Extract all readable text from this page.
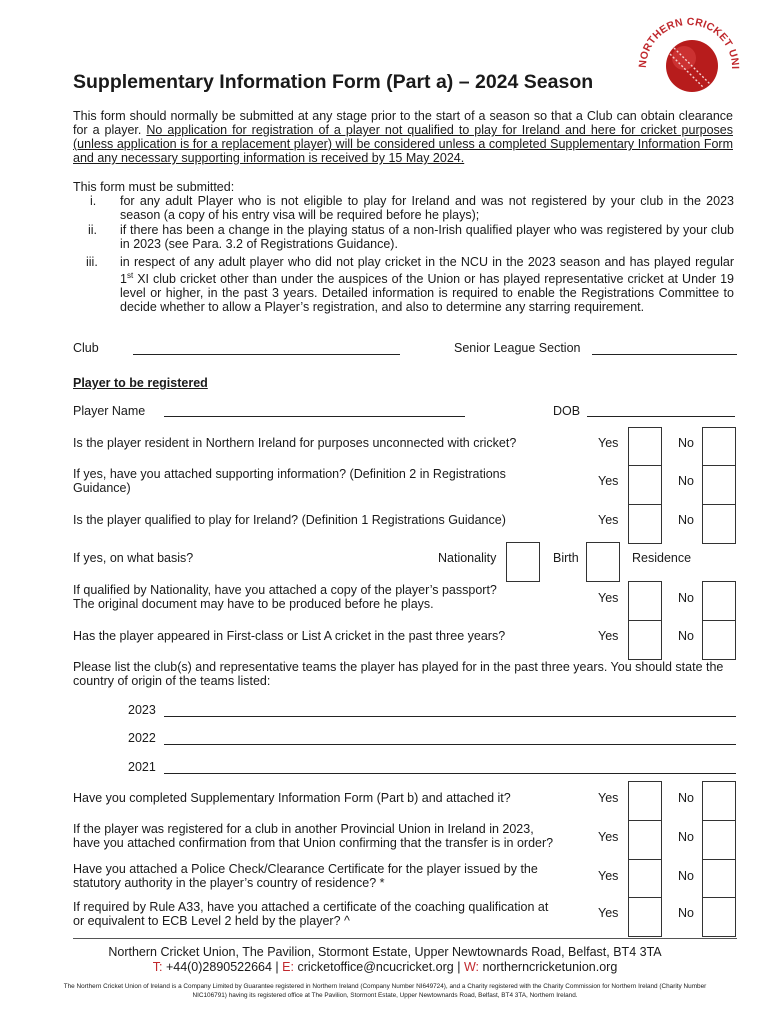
NORTHERN CRICKET UNI
Supplementary Information Form (Part a) – 2024 Season
This form should normally be submitted at any stage prior to the start of a season so that a Club can obtain clearance for a player. No application for registration of a player not qualified to play for Ireland and here for cricket purposes (unless application is for a replacement player) will be considered unless a completed Supplementary Information Form and any necessary supporting information is received by 15 May 2024.
This form must be submitted:
i. for any adult Player who is not eligible to play for Ireland and was not registered by your club in the 2023 season (a copy of his entry visa will be required before he plays);
ii. if there has been a change in the playing status of a non-Irish qualified player who was registered by your club in 2023 (see Para. 3.2 of Registrations Guidance).
iii. in respect of any adult player who did not play cricket in the NCU in the 2023 season and has played regular 1st XI club cricket other than under the auspices of the Union or has played representative cricket at Under 19 level or higher, in the past 3 years. Detailed information is required to enable the Registrations Committee to decide whether to allow a Player’s registration, and also to determine any starring requirement.
Club	Senior League Section
Player to be registered
Player Name	DOB
Is the player resident in Northern Ireland for purposes unconnected with cricket?	Yes	No
If yes, have you attached supporting information? (Definition 2 in Registrations
Guidance)	Yes	No
Is the player qualified to play for Ireland? (Definition 1 Registrations Guidance)	Yes	No
If yes, on what basis?	Nationality	Birth	Residence
If qualified by Nationality, have you attached a copy of the player’s passport?
The original document may have to be produced before he plays.	Yes	No
Has the player appeared in First-class or List A cricket in the past three years?	Yes	No
Please list the club(s) and representative teams the player has played for in the past three years. You should state the country of origin of the teams listed:
2023
2022
2021
Have you completed Supplementary Information Form (Part b) and attached it?	Yes	No
If the player was registered for a club in another Provincial Union in Ireland in 2023,
have you attached confirmation from that Union confirming that the transfer is in order?	Yes	No
Have you attached a Police Check/Clearance Certificate for the player issued by the
statutory authority in the player’s country of residence? *	Yes	No
If required by Rule A33, have you attached a certificate of the coaching qualification at
or equivalent to ECB Level 2 held by the player? ^
Yes	No
Northern Cricket Union, The Pavilion, Stormont Estate, Upper Newtownards Road, Belfast, BT4 3TA
T: +44(0)2890522664 | E: cricketoffice@ncucricket.org | W: northerncricketunion.org
The Northern Cricket Union of Ireland is a Company Limited by Guarantee registered in Northern Ireland (Company Number NI649724), and a Charity registered with the Charity Commission for Northern Ireland (Charity Number NIC106791) having its registered office at The Pavilion, Stormont Estate, Upper Newtownards Road, Belfast, BT4 3TA, Northern Ireland.
